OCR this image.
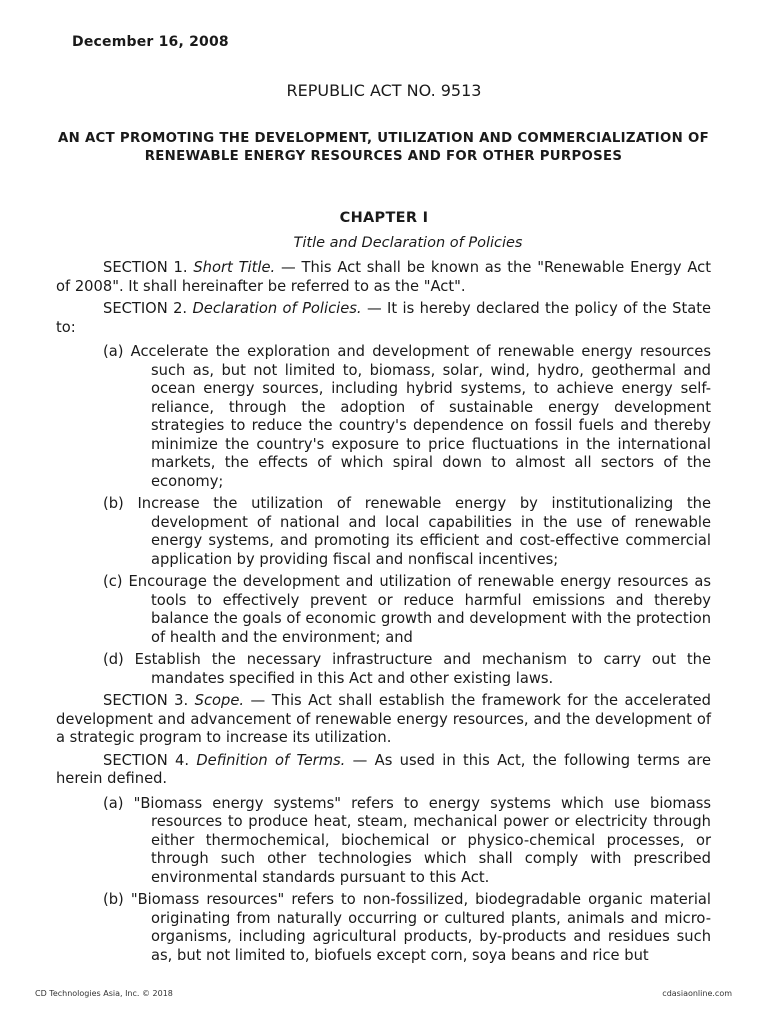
December 16, 2008
REPUBLIC ACT NO. 9513
AN ACT PROMOTING THE DEVELOPMENT, UTILIZATION AND COMMERCIALIZATION OF RENEWABLE ENERGY RESOURCES AND FOR OTHER PURPOSES
CHAPTER I
Title and Declaration of Policies

SECTION 1. Short Title. — This Act shall be known as the "Renewable Energy Act of 2008". It shall hereinafter be referred to as the "Act".

SECTION 2. Declaration of Policies. — It is hereby declared the policy of the State to:

(a) Accelerate the exploration and development of renewable energy resources such as, but not limited to, biomass, solar, wind, hydro, geothermal and ocean energy sources, including hybrid systems, to achieve energy self-reliance, through the adoption of sustainable energy development strategies to reduce the country's dependence on fossil fuels and thereby minimize the country's exposure to price fluctuations in the international markets, the effects of which spiral down to almost all sectors of the economy;

(b) Increase the utilization of renewable energy by institutionalizing the development of national and local capabilities in the use of renewable energy systems, and promoting its efficient and cost-effective commercial application by providing fiscal and nonfiscal incentives;

(c) Encourage the development and utilization of renewable energy resources as tools to effectively prevent or reduce harmful emissions and thereby balance the goals of economic growth and development with the protection of health and the environment; and

(d) Establish the necessary infrastructure and mechanism to carry out the mandates specified in this Act and other existing laws.

SECTION 3. Scope. — This Act shall establish the framework for the accelerated development and advancement of renewable energy resources, and the development of a strategic program to increase its utilization.

SECTION 4. Definition of Terms. — As used in this Act, the following terms are herein defined.

(a) "Biomass energy systems" refers to energy systems which use biomass resources to produce heat, steam, mechanical power or electricity through either thermochemical, biochemical or physico-chemical processes, or through such other technologies which shall comply with prescribed environmental standards pursuant to this Act.

(b) "Biomass resources" refers to non-fossilized, biodegradable organic material originating from naturally occurring or cultured plants, animals and micro-organisms, including agricultural products, by-products and residues such as, but not limited to, biofuels except corn, soya beans and rice but

CD Technologies Asia, Inc. © 2018	cdasiaonline.com
